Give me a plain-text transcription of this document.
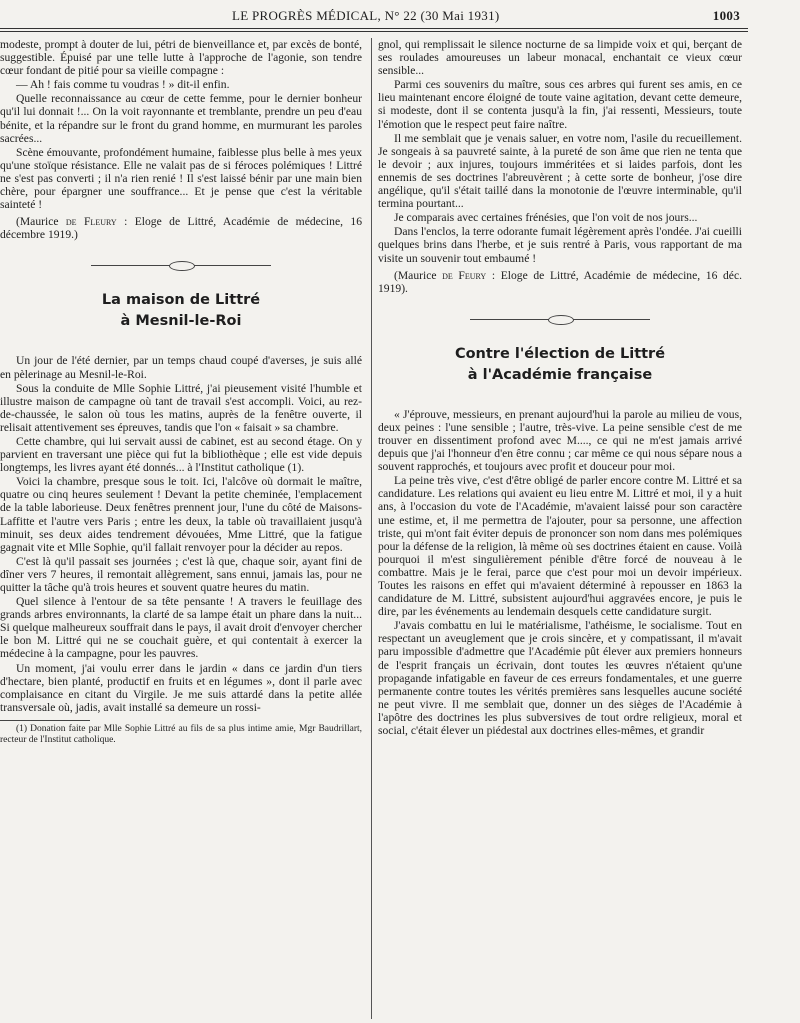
LE PROGRÈS MÉDICAL, N° 22 (30 Mai 1931)	1003

modeste, prompt à douter de lui, pétri de bienveillance et, par excès de bonté, suggestible. Épuisé par une telle lutte à l'approche de l'agonie, son tendre cœur fondant de pitié pour sa vieille compagne :

— Ah ! fais comme tu voudras ! » dit-il enfin.

Quelle reconnaissance au cœur de cette femme, pour le dernier bonheur qu'il lui donnait !... On la voit rayonnante et tremblante, prendre un peu d'eau bénite, et la répandre sur le front du grand homme, en murmurant les paroles sacrées...

Scène émouvante, profondément humaine, faiblesse plus belle à mes yeux qu'une stoïque résistance. Elle ne valait pas de si féroces polémiques ! Littré ne s'est pas converti ; il n'a rien renié ! Il s'est laissé bénir par une main bien chère, pour épargner une souffrance... Et je pense que c'est la véritable sainteté !

(Maurice de Fleury : Eloge de Littré, Académie de médecine, 16 décembre 1919.)

La maison de Littré
à Mesnil-le-Roi

Un jour de l'été dernier, par un temps chaud coupé d'averses, je suis allé en pèlerinage au Mesnil-le-Roi.

Sous la conduite de Mlle Sophie Littré, j'ai pieusement visité l'humble et illustre maison de campagne où tant de travail s'est accompli. Voici, au rez-de-chaussée, le salon où tous les matins, auprès de la fenêtre ouverte, il relisait attentivement ses épreuves, tandis que l'on « faisait » sa chambre.

Cette chambre, qui lui servait aussi de cabinet, est au second étage. On y parvient en traversant une pièce qui fut la bibliothèque ; elle est vide depuis longtemps, les livres ayant été donnés... à l'Institut catholique (1).

Voici la chambre, presque sous le toit. Ici, l'alcôve où dormait le maître, quatre ou cinq heures seulement ! Devant la petite cheminée, l'emplacement de la table laborieuse. Deux fenêtres prennent jour, l'une du côté de Maisons-Laffitte et l'autre vers Paris ; entre les deux, la table où travaillaient jusqu'à minuit, ses deux aides tendrement dévouées, Mme Littré, que la fatigue gagnait vite et Mlle Sophie, qu'il fallait renvoyer pour la décider au repos.

C'est là qu'il passait ses journées ; c'est là que, chaque soir, ayant fini de dîner vers 7 heures, il remontait allègrement, sans ennui, jamais las, pour ne quitter la tâche qu'à trois heures et souvent quatre heures du matin.

Quel silence à l'entour de sa tête pensante ! A travers le feuillage des grands arbres environnants, la clarté de sa lampe était un phare dans la nuit... Si quelque malheureux souffrait dans le pays, il avait droit d'envoyer chercher le bon M. Littré qui ne se couchait guère, et qui contentait à exercer la médecine à la campagne, pour les pauvres.

Un moment, j'ai voulu errer dans le jardin « dans ce jardin d'un tiers d'hectare, bien planté, productif en fruits et en légumes », dont il parle avec complaisance en citant du Virgile. Je me suis attardé dans la petite allée transversale où, jadis, avait installé sa demeure un rossi-

(1) Donation faite par Mlle Sophie Littré au fils de sa plus intime amie, Mgr Baudrillart, recteur de l'Institut catholique.

gnol, qui remplissait le silence nocturne de sa limpide voix et qui, berçant de ses roulades amoureuses un labeur monacal, enchantait ce vieux cœur sensible...

Parmi ces souvenirs du maître, sous ces arbres qui furent ses amis, en ce lieu maintenant encore éloigné de toute vaine agitation, devant cette demeure, si modeste, dont il se contenta jusqu'à la fin, j'ai ressenti, Messieurs, toute l'émotion que le respect peut faire naître.

Il me semblait que je venais saluer, en votre nom, l'asile du recueillement. Je songeais à sa pauvreté sainte, à la pureté de son âme que rien ne tenta que le devoir ; aux injures, toujours imméritées et si laides parfois, dont les ennemis de ses doctrines l'abreuvèrent ; à cette sorte de bonheur, j'ose dire angélique, qu'il s'était taillé dans la monotonie de l'œuvre interminable, qu'il termina pourtant...

Je comparais avec certaines frénésies, que l'on voit de nos jours...

Dans l'enclos, la terre odorante fumait légèrement après l'ondée. J'ai cueilli quelques brins dans l'herbe, et je suis rentré à Paris, vous rapportant de ma visite un souvenir tout embaumé !

(Maurice de Feury : Eloge de Littré, Académie de médecine, 16 déc. 1919).

Contre l'élection de Littré
à l'Académie française

« J'éprouve, messieurs, en prenant aujourd'hui la parole au milieu de vous, deux peines : l'une sensible ; l'autre, très-vive. La peine sensible c'est de me trouver en dissentiment profond avec M...., ce qui ne m'est jamais arrivé depuis que j'ai l'honneur d'en être connu ; car même ce qui nous sépare nous a souvent rapprochés, et toujours avec profit et douceur pour moi.

La peine très vive, c'est d'être obligé de parler encore contre M. Littré et sa candidature. Les relations qui avaient eu lieu entre M. Littré et moi, il y a huit ans, à l'occasion du vote de l'Académie, m'avaient laissé pour son caractère une estime, et, il me permettra de l'ajouter, pour sa personne, une affection triste, qui m'ont fait éviter depuis de prononcer son nom dans mes polémiques pour la défense de la religion, là même où ses doctrines étaient en cause. Voilà pourquoi il m'est singulièrement pénible d'être forcé de nouveau à le combattre. Mais je le ferai, parce que c'est pour moi un devoir impérieux. Toutes les raisons en effet qui m'avaient déterminé à repousser en 1863 la candidature de M. Littré, subsistent aujourd'hui aggravées encore, je puis le dire, par les événements au lendemain desquels cette candidature surgit.

J'avais combattu en lui le matérialisme, l'athéisme, le socialisme. Tout en respectant un aveuglement que je crois sincère, et y compatissant, il m'avait paru impossible d'admettre que l'Académie pût élever aux premiers honneurs de l'esprit français un écrivain, dont toutes les œuvres n'étaient qu'une propagande infatigable en faveur de ces erreurs fondamentales, et une guerre permanente contre toutes les vérités premières sans lesquelles aucune société ne peut vivre. Il me semblait que, donner un des sièges de l'Académie à l'apôtre des doctrines les plus subversives de tout ordre religieux, moral et social, c'était élever un piédestal aux doctrines elles-mêmes, et grandir
